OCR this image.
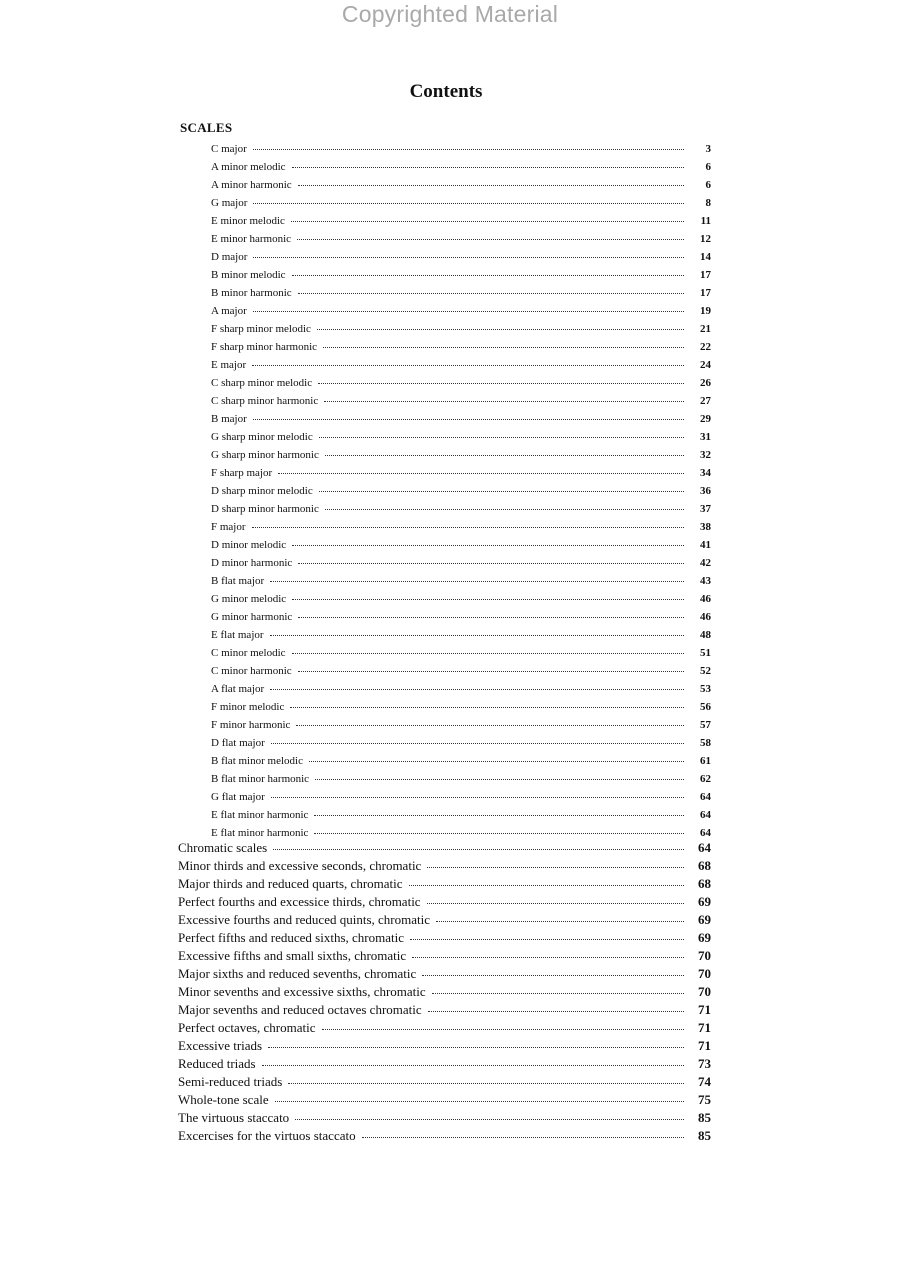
Copyrighted Material
Contents
SCALES
C major	3
A minor melodic	6
A minor harmonic	6
G major	8
E minor melodic	11
E minor harmonic	12
D major	14
B minor melodic	17
B minor harmonic	17
A major	19
F sharp minor melodic	21
F sharp minor harmonic	22
E major	24
C sharp minor melodic	26
C sharp minor harmonic	27
B major	29
G sharp minor melodic	31
G sharp minor harmonic	32
F sharp major	34
D sharp minor melodic	36
D sharp minor harmonic	37
F major	38
D minor melodic	41
D minor harmonic	42
B flat major	43
G minor melodic	46
G minor harmonic	46
E flat major	48
C minor melodic	51
C minor harmonic	52
A flat major	53
F minor melodic	56
F minor harmonic	57
D flat major	58
B flat minor melodic	61
B flat minor harmonic	62
G flat major	64
E flat minor harmonic	64
E flat minor harmonic	64
Chromatic scales	64
Minor thirds and excessive seconds, chromatic	68
Major thirds and reduced quarts, chromatic	68
Perfect fourths and excessice thirds, chromatic	69
Excessive fourths and reduced quints, chromatic	69
Perfect fifths and reduced sixths, chromatic	69
Excessive fifths and small sixths, chromatic	70
Major sixths and reduced sevenths, chromatic	70
Minor sevenths and excessive sixths, chromatic	70
Major sevenths and reduced octaves chromatic	71
Perfect octaves, chromatic	71
Excessive triads	71
Reduced triads	73
Semi-reduced triads	74
Whole-tone scale	75
The virtuous staccato	85
Excercises for the virtuos staccato	85
